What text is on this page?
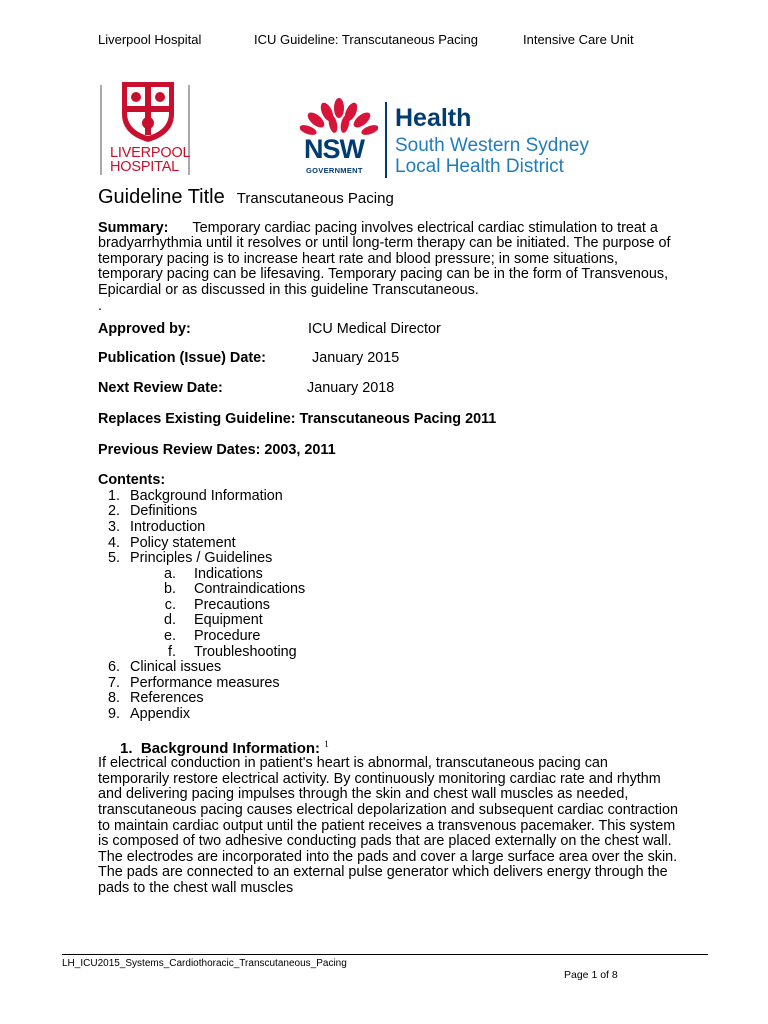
Liverpool Hospital	ICU Guideline: Transcutaneous Pacing	Intensive Care Unit
LIVERPOOL
HOSPITAL
NSW
GOVERNMENT
Health
South Western Sydney
Local Health District
Guideline Title Transcutaneous Pacing

Summary: Temporary cardiac pacing involves electrical cardiac stimulation to treat a bradyarrhythmia until it resolves or until long-term therapy can be initiated. The purpose of temporary pacing is to increase heart rate and blood pressure; in some situations, temporary pacing can be lifesaving. Temporary pacing can be in the form of Transvenous, Epicardial or as discussed in this guideline Transcutaneous.

.

Approved by:	ICU Medical Director
Publication (Issue) Date:	January 2015
Next Review Date:	January 2018

Replaces Existing Guideline: Transcutaneous Pacing 2011

Previous Review Dates: 2003, 2011

Contents:

1. Background Information
2. Definitions
3. Introduction
4. Policy statement
5. Principles / Guidelines
a. Indications
b. Contraindications
c. Precautions
d. Equipment
e. Procedure
f. Troubleshooting
6. Clinical issues
7. Performance measures
8. References
9. Appendix

1. Background Information: $^1$

If electrical conduction in patient's heart is abnormal, transcutaneous pacing can temporarily restore electrical activity. By continuously monitoring cardiac rate and rhythm and delivering pacing impulses through the skin and chest wall muscles as needed, transcutaneous pacing causes electrical depolarization and subsequent cardiac contraction to maintain cardiac output until the patient receives a transvenous pacemaker. This system is composed of two adhesive conducting pads that are placed externally on the chest wall. The electrodes are incorporated into the pads and cover a large surface area over the skin. The pads are connected to an external pulse generator which delivers energy through the pads to the chest wall muscles

LH_ICU2015_Systems_Cardiothoracic_Transcutaneous_Pacing
Page 1 of 8
